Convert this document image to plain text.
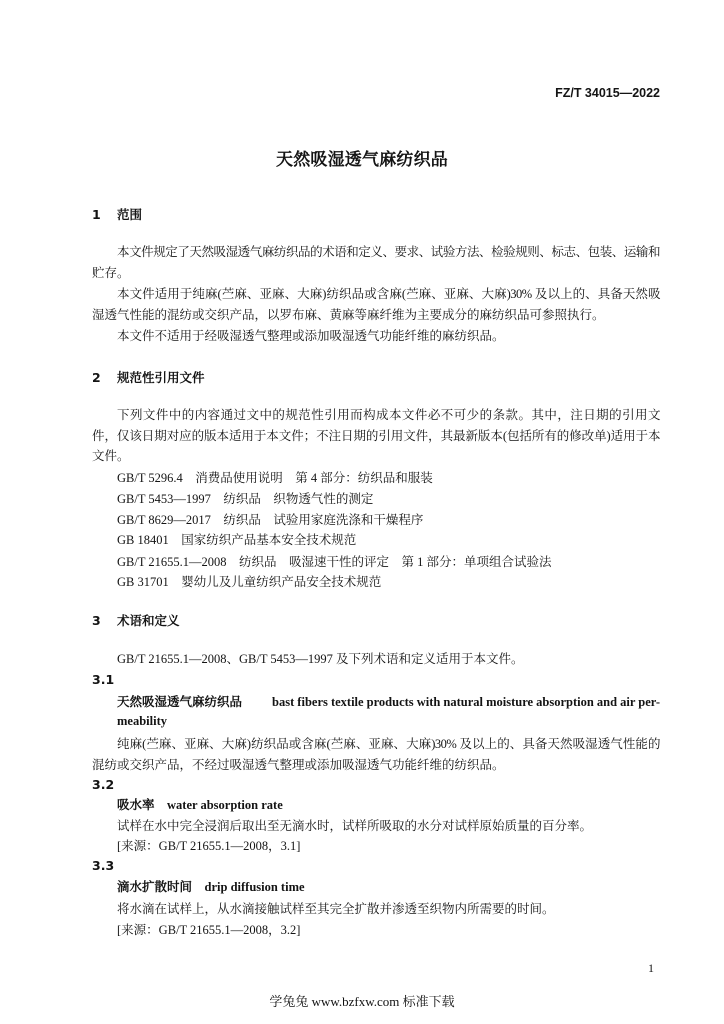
FZ/T 34015—2022
天然吸湿透气麻纺织品
1 范围
本文件规定了天然吸湿透气麻纺织品的术语和定义、要求、试验方法、检验规则、标志、包装、运输和
贮存。
本文件适用于纯麻(苎麻、亚麻、大麻)纺织品或含麻(苎麻、亚麻、大麻)30% 及以上的、具备天然吸
湿透气性能的混纺或交织产品，以罗布麻、黄麻等麻纤维为主要成分的麻纺织品可参照执行。
本文件不适用于经吸湿透气整理或添加吸湿透气功能纤维的麻纺织品。
2 规范性引用文件
下列文件中的内容通过文中的规范性引用而构成本文件必不可少的条款。其中，注日期的引用文
件，仅该日期对应的版本适用于本文件；不注日期的引用文件，其最新版本(包括所有的修改单)适用于本
文件。
GB/T 5296.4 消费品使用说明　第 4 部分：纺织品和服装
GB/T 5453—1997 纺织品　织物透气性的测定
GB/T 8629—2017 纺织品　试验用家庭洗涤和干燥程序
GB 18401 国家纺织产品基本安全技术规范
GB/T 21655.1—2008 纺织品　吸湿速干性的评定　第 1 部分：单项组合试验法
GB 31701 婴幼儿及儿童纺织产品安全技术规范
3 术语和定义
GB/T 21655.1—2008、GB/T 5453—1997 及下列术语和定义适用于本文件。
3.1
天然吸湿透气麻纺织品 bast fibers textile products with natural moisture absorption and air per-
meability
纯麻(苎麻、亚麻、大麻)纺织品或含麻(苎麻、亚麻、大麻)30% 及以上的、具备天然吸湿透气性能的
混纺或交织产品，不经过吸湿透气整理或添加吸湿透气功能纤维的纺织品。
3.2
吸水率 water absorption rate
试样在水中完全浸润后取出至无滴水时，试样所吸取的水分对试样原始质量的百分率。
[来源：GB/T 21655.1—2008，3.1]
3.3
滴水扩散时间 drip diffusion time
将水滴在试样上，从水滴接触试样至其完全扩散并渗透至织物内所需要的时间。
[来源：GB/T 21655.1—2008，3.2]
1
学兔兔 www.bzfxw.com 标准下载
